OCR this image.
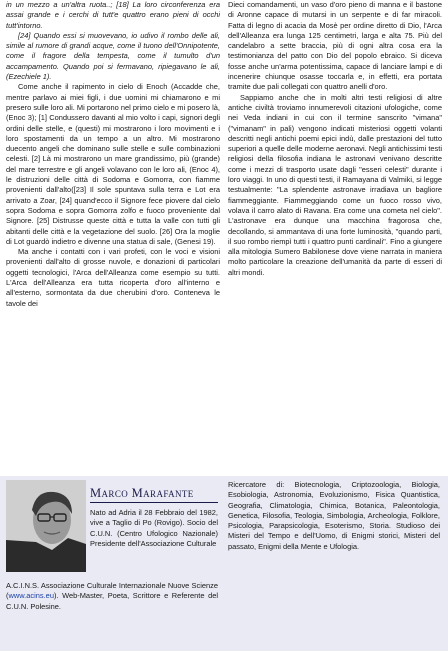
in un mezzo a un'altra ruota..; [18] La loro circonferenza era assai grande e i cerchi di tutt'e quattro erano pieni di occhi tutt'intorno.

[24] Quando essi si muovevano, io udivo il rombo delle ali, simile al rumore di grandi acque, come il tuono dell'Onnipotente, come il fragore della tempesta, come il tumulto d'un accampamento. Quando poi si fermavano, ripiegavano le ali, (Ezechiele 1).

Come anche il rapimento in cielo di Enoch (Accadde che, mentre parlavo ai miei figli, i due uomini mi chiamarono e mi presero sulle loro ali. Mi portarono nel primo cielo e mi posero là, (Enoc 3); [1] Condussero davanti al mio volto i capi, signori degli ordini delle stelle, e (questi) mi mostrarono i loro movimenti e i loro spostamenti da un tempo a un altro. Mi mostrarono duecento angeli che dominano sulle stelle e sulle combinazioni celesti. [2] Là mi mostrarono un mare grandissimo, più (grande) del mare terrestre e gli angeli volavano con le loro ali, (Enoc 4), le distruzioni delle città di Sodoma e Gomorra, con fiamme provenienti dall'alto([23] Il sole spuntava sulla terra e Lot era arrivato a Zoar, [24] quand'ecco il Signore fece piovere dal cielo sopra Sodoma e sopra Gomorra zolfo e fuoco proveniente dal Signore. [25] Distrusse queste città e tutta la valle con tutti gli abitanti delle città e la vegetazione del suolo. [26] Ora la moglie di Lot guardò indietro e divenne una statua di sale, (Genesi 19).

Ma anche i contatti con i vari profeti, con le voci e visioni provenienti dall'alto di grosse nuvole, e donazioni di particolari oggetti tecnologici, l'Arca dell'Alleanza come esempio su tutti. L'Arca dell'Alleanza era tutta ricoperta d'oro all'interno e all'esterno, sormontata da due cherubini d'oro. Conteneva le tavole dei

Dieci comandamenti, un vaso d'oro pieno di manna e il bastone di Aronne capace di mutarsi in un serpente e di far miracoli. Fatta di legno di acacia da Mosè per ordine diretto di Dio, l'Arca dell'Alleanza era lunga 125 centimetri, larga e alta 75. Più del candelabro a sette braccia, più di ogni altra cosa era la testimonianza del patto con Dio del popolo ebraico. Si diceva fosse anche un'arma potentissima, capace di lanciare lampi e di incenerire chiunque osasse toccarla e, in effetti, era portata tramite due pali collegati con quattro anelli d'oro.

Sappiamo anche che in molti altri testi religiosi di altre antiche civiltà troviamo innumerevoli citazioni ufologiche, come nei Veda indiani in cui con il termine sanscrito "vimana" ("vimanam" in pali) vengono indicati misteriosi oggetti volanti descritti negli antichi poemi epici indù, dalle prestazioni del tutto superiori a quelle delle moderne aeronavi. Negli antichissimi testi religiosi della filosofia indiana le astronavi venivano descritte come i mezzi di trasporto usate dagli "esseri celesti" durante i loro viaggi. In uno di questi testi, il Ramayana di Valmiki, si legge testualmente: "La splendente astronave irradiava un bagliore fiammeggiante. Fiammeggiando come un fuoco rosso vivo, volava il carro alato di Ravana. Era come una cometa nel cielo". L'astronave era dunque una macchina fragorosa che, decollando, si ammantava di una forte luminosità, "quando parti, il suo rombo riempì tutti i quattro punti cardinali". Fino a giungere alla mitologia Sumero Babilonese dove viene narrata in maniera molto particolare la creazione dell'umanità da parte di esseri di altri mondi.

Marco Marafante
Nato ad Adria il 28 Febbraio del 1982, vive a Taglio di Po (Rovigo). Socio del C.U.N. (Centro Ufologico Nazionale) Presidente dell'Associazione Culturale
A.C.I.N.S. Associazione Culturale Internazionale Nuove Scienze (www.acins.eu). Web-Master, Poeta, Scrittore e Referente del C.U.N. Polesine.
Ricercatore di: Biotecnologia, Criptozoologia, Biologia, Esobiologia, Astronomia, Evoluzionismo, Fisica Quantistica, Geografia, Climatologia, Chimica, Botanica, Paleontologia, Genetica, Filosofia, Teologia, Simbologia, Archeologia, Folklore, Psicologia, Parapsicologia, Esoterismo, Storia. Studioso dei Misteri del Tempo e dell'Uomo, di Enigmi storici, Misteri del passato, Enigmi della Mente e Ufologia.
